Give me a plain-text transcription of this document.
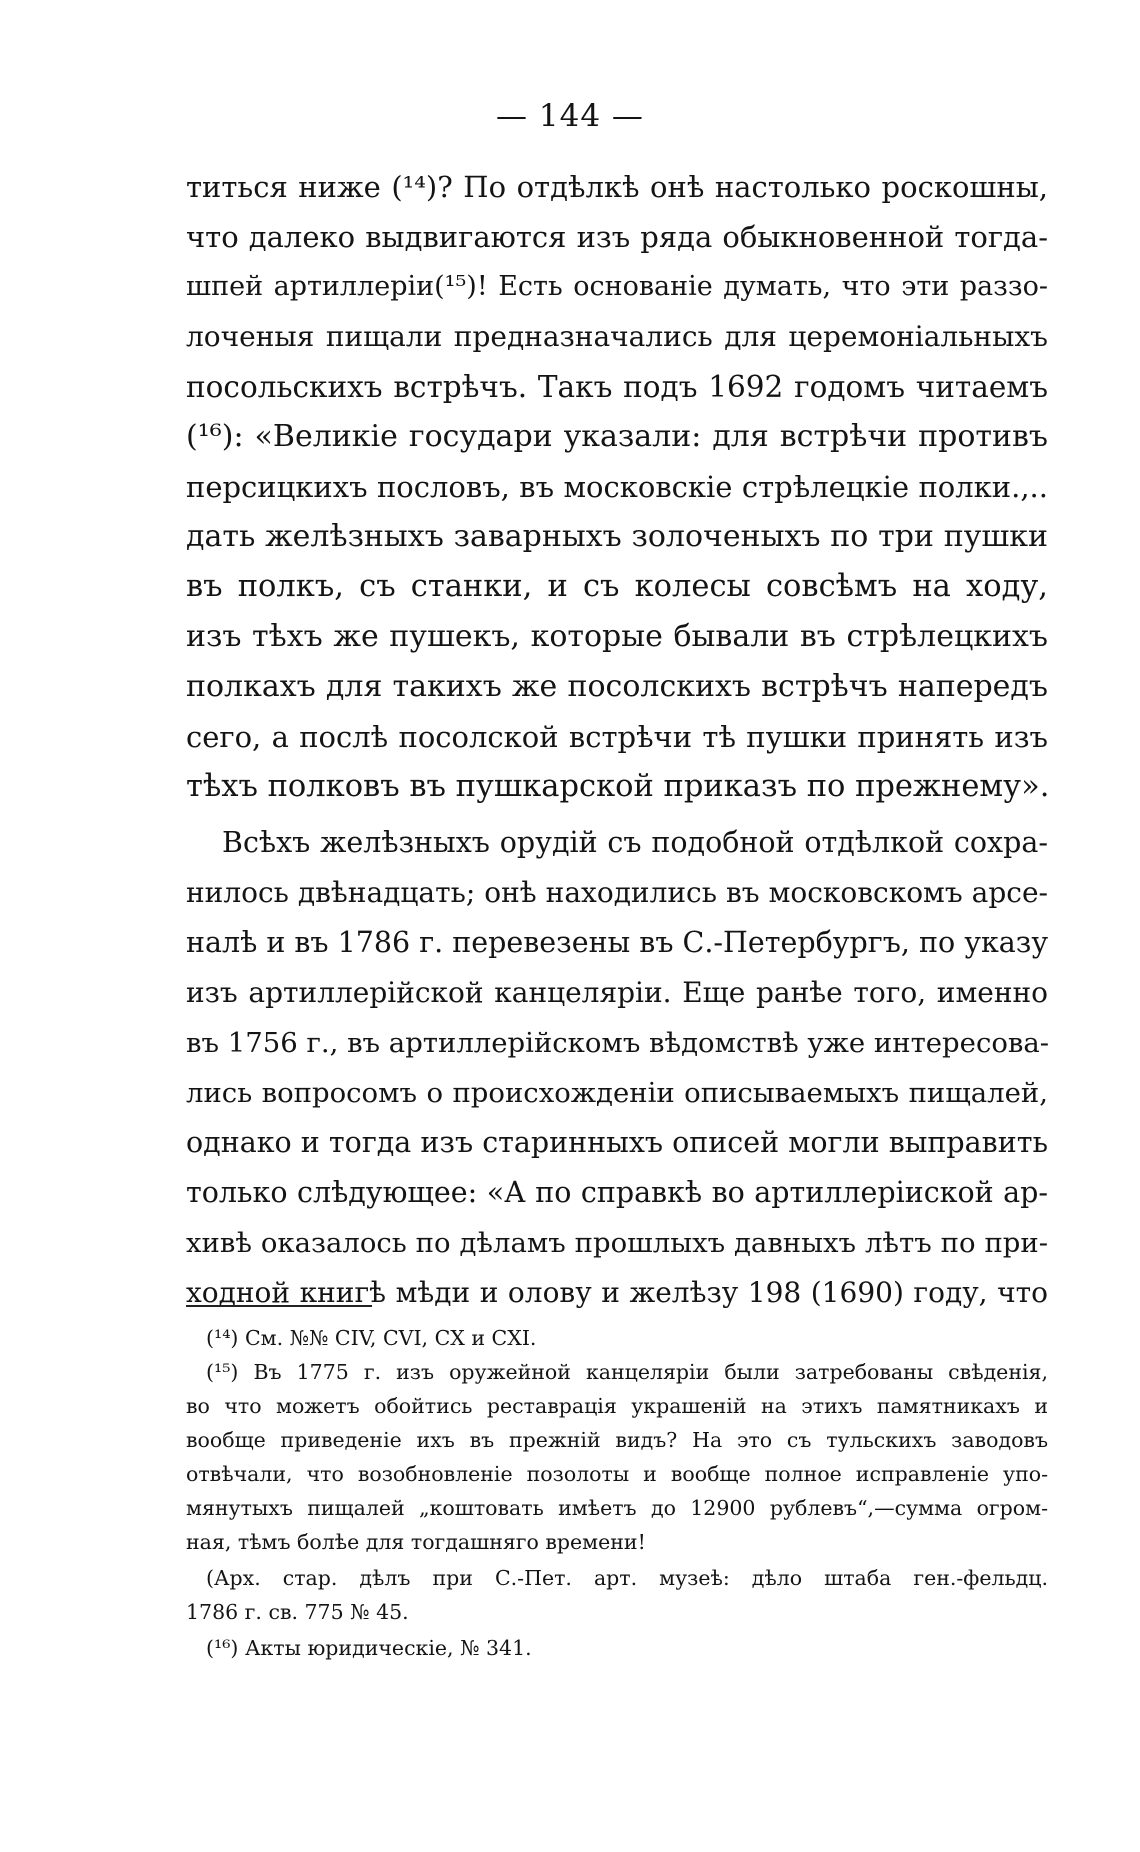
— 144 —
титься ниже (¹⁴)? По отдѣлкѣ онѣ настолько роскошны,
что далеко выдвигаются изъ ряда обыкновенной тогда-
шпей артиллеріи(¹⁵)! Есть основаніе думать, что эти раззо-
лоченыя пищали предназначались для церемоніальныхъ
посольскихъ встрѣчъ. Такъ подъ 1692 годомъ читаемъ
(¹⁶): «Великіе государи указали: для встрѣчи противъ
персицкихъ пословъ, въ московскіе стрѣлецкіе полки.,..
дать желѣзныхъ заварныхъ золоченыхъ по три пушки
въ полкъ, съ станки, и съ колесы совсѣмъ на ходу,
изъ тѣхъ же пушекъ, которые бывали въ стрѣлецкихъ
полкахъ для такихъ же посолскихъ встрѣчъ напередъ
сего, а послѣ посолской встрѣчи тѣ пушки принять изъ
тѣхъ полковъ въ пушкарской приказъ по прежнему».
Всѣхъ желѣзныхъ орудій съ подобной отдѣлкой сохра-
нилось двѣнадцать; онѣ находились въ московскомъ арсе-
налѣ и въ 1786 г. перевезены въ С.-Петербургъ, по указу
изъ артиллерійской канцеляріи. Еще ранѣе того, именно
въ 1756 г., въ артиллерійскомъ вѣдомствѣ уже интересова-
лись вопросомъ о происхожденіи описываемыхъ пищалей,
однако и тогда изъ старинныхъ описей могли выправить
только слѣдующее: «А по справкѣ во артиллеріиской ар-
хивѣ оказалось по дѣламъ прошлыхъ давныхъ лѣтъ по при-
ходной книгѣ мѣди и олову и желѣзу 198 (1690) году, что
(¹⁴) См. №№ CIV, CVI, CX и CXI.
(¹⁵) Въ 1775 г. изъ оружейной канцеляріи были затребованы свѣденія,
во что можетъ обойтись реставрація украшеній на этихъ памятникахъ и
вообще приведеніе ихъ въ прежній видъ? На это съ тульскихъ заводовъ
отвѣчали, что возобновленіе позолоты и вообще полное исправленіе упо-
мянутыхъ пищалей „коштовать имѣетъ до 12900 рублевъ“,—сумма огром-
ная, тѣмъ болѣе для тогдашняго времени!
(Арх. стар. дѣлъ при С.-Пет. арт. музеѣ: дѣло штаба ген.-фельдц.
1786 г. св. 775 № 45.
(¹⁶) Акты юридическіе, № 341.
